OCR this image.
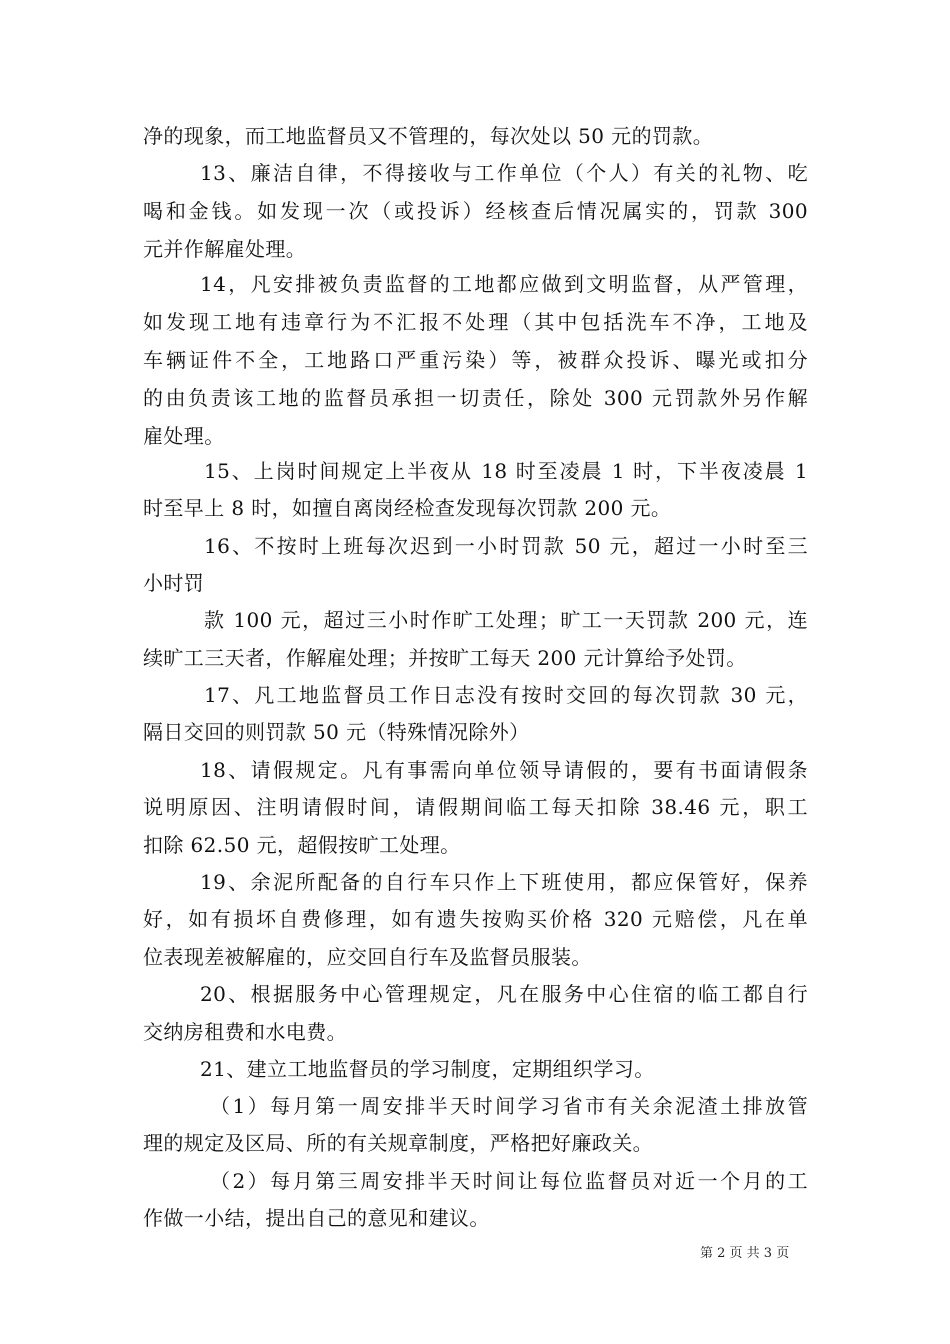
净的现象，而工地监督员又不管理的，每次处以 50 元的罚款。
13、廉洁自律，不得接收与工作单位（个人）有关的礼物、吃
喝和金钱。如发现一次（或投诉）经核查后情况属实的，罚款 300
元并作解雇处理。
14，凡安排被负责监督的工地都应做到文明监督，从严管理，
如发现工地有违章行为不汇报不处理（其中包括洗车不净，工地及
车辆证件不全，工地路口严重污染）等，被群众投诉、曝光或扣分
的由负责该工地的监督员承担一切责任，除处 300 元罚款外另作解
雇处理。
15、上岗时间规定上半夜从 18 时至凌晨 1 时，下半夜凌晨 1
时至早上 8 时，如擅自离岗经检查发现每次罚款 200 元。
16、不按时上班每次迟到一小时罚款 50 元，超过一小时至三
小时罚
款 100 元，超过三小时作旷工处理；旷工一天罚款 200 元，连
续旷工三天者，作解雇处理；并按旷工每天 200 元计算给予处罚。
17、凡工地监督员工作日志没有按时交回的每次罚款 30 元，
隔日交回的则罚款 50 元（特殊情况除外）
18、请假规定。凡有事需向单位领导请假的，要有书面请假条
说明原因、注明请假时间，请假期间临工每天扣除 38.46 元，职工
扣除 62.50 元，超假按旷工处理。
19、余泥所配备的自行车只作上下班使用，都应保管好，保养
好，如有损坏自费修理，如有遗失按购买价格 320 元赔偿，凡在单
位表现差被解雇的，应交回自行车及监督员服装。
20、根据服务中心管理规定，凡在服务中心住宿的临工都自行
交纳房租费和水电费。
21、建立工地监督员的学习制度，定期组织学习。
（1）每月第一周安排半天时间学习省市有关余泥渣土排放管
理的规定及区局、所的有关规章制度，严格把好廉政关。
（2）每月第三周安排半天时间让每位监督员对近一个月的工
作做一小结，提出自己的意见和建议。
第 2 页 共 3 页
